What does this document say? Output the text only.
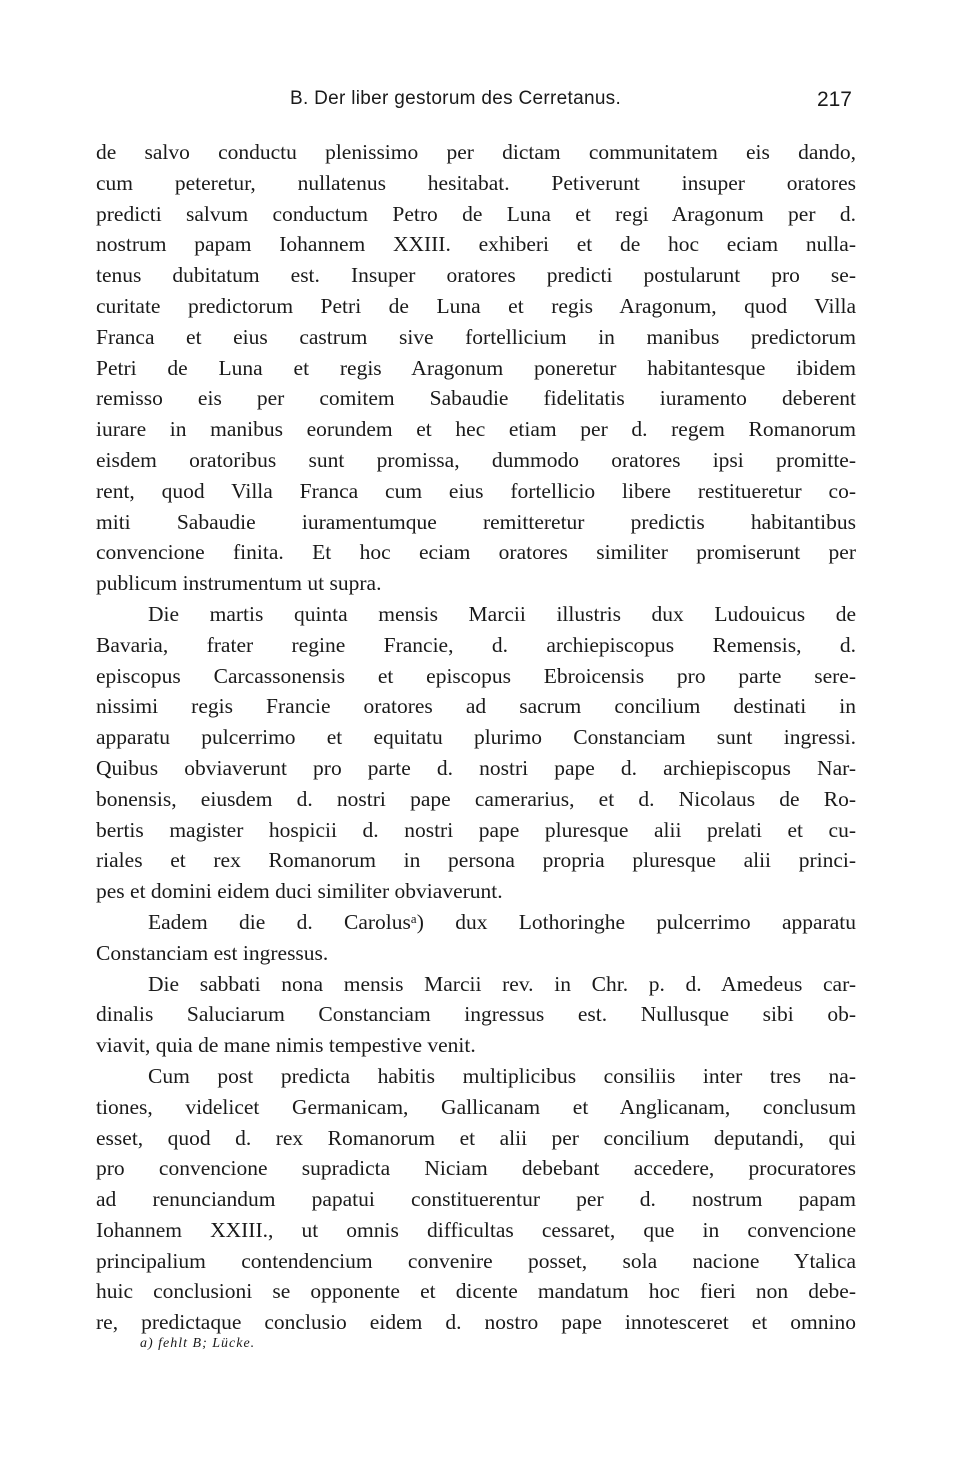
B. Der liber gestorum des Cerretanus.	217
de salvo conductu plenissimo per dictam communitatem eis dando,
cum peteretur, nullatenus hesitabat. Petiverunt insuper oratores
predicti salvum conductum Petro de Luna et regi Aragonum per d.
nostrum papam Iohannem XXIII. exhiberi et de hoc eciam nulla-
tenus dubitatum est. Insuper oratores predicti postularunt pro se-
curitate predictorum Petri de Luna et regis Aragonum, quod Villa
Franca et eius castrum sive fortellicium in manibus predictorum
Petri de Luna et regis Aragonum poneretur habitantesque ibidem
remisso eis per comitem Sabaudie fidelitatis iuramento deberent
iurare in manibus eorundem et hec etiam per d. regem Romanorum
eisdem oratoribus sunt promissa, dummodo oratores ipsi promitte-
rent, quod Villa Franca cum eius fortellicio libere restitueretur co-
miti Sabaudie iuramentumque remitteretur predictis habitantibus
convencione finita. Et hoc eciam oratores similiter promiserunt per
publicum instrumentum ut supra.
Die martis quinta mensis Marcii illustris dux Ludouicus de
Bavaria, frater regine Francie, d. archiepiscopus Remensis, d.
episcopus Carcassonensis et episcopus Ebroicensis pro parte sere-
nissimi regis Francie oratores ad sacrum concilium destinati in
apparatu pulcerrimo et equitatu plurimo Constanciam sunt ingressi.
Quibus obviaverunt pro parte d. nostri pape d. archiepiscopus Nar-
bonensis, eiusdem d. nostri pape camerarius, et d. Nicolaus de Ro-
bertis magister hospicii d. nostri pape pluresque alii prelati et cu-
riales et rex Romanorum in persona propria pluresque alii princi-
pes et domini eidem duci similiter obviaverunt.
Eadem die d. Carolusᵃ) dux Lothoringhe pulcerrimo apparatu
Constanciam est ingressus.
Die sabbati nona mensis Marcii rev. in Chr. p. d. Amedeus car-
dinalis Saluciarum Constanciam ingressus est. Nullusque sibi ob-
viavit, quia de mane nimis tempestive venit.
Cum post predicta habitis multiplicibus consiliis inter tres na-
tiones, videlicet Germanicam, Gallicanam et Anglicanam, conclusum
esset, quod d. rex Romanorum et alii per concilium deputandi, qui
pro convencione supradicta Niciam debebant accedere, procuratores
ad renunciandum papatui constituerentur per d. nostrum papam
Iohannem XXIII., ut omnis difficultas cessaret, que in convencione
principalium contendencium convenire posset, sola nacione Ytalica
huic conclusioni se opponente et dicente mandatum hoc fieri non debe-
re, predictaque conclusio eidem d. nostro pape innotesceret et omnino
a) fehlt B; Lücke.
